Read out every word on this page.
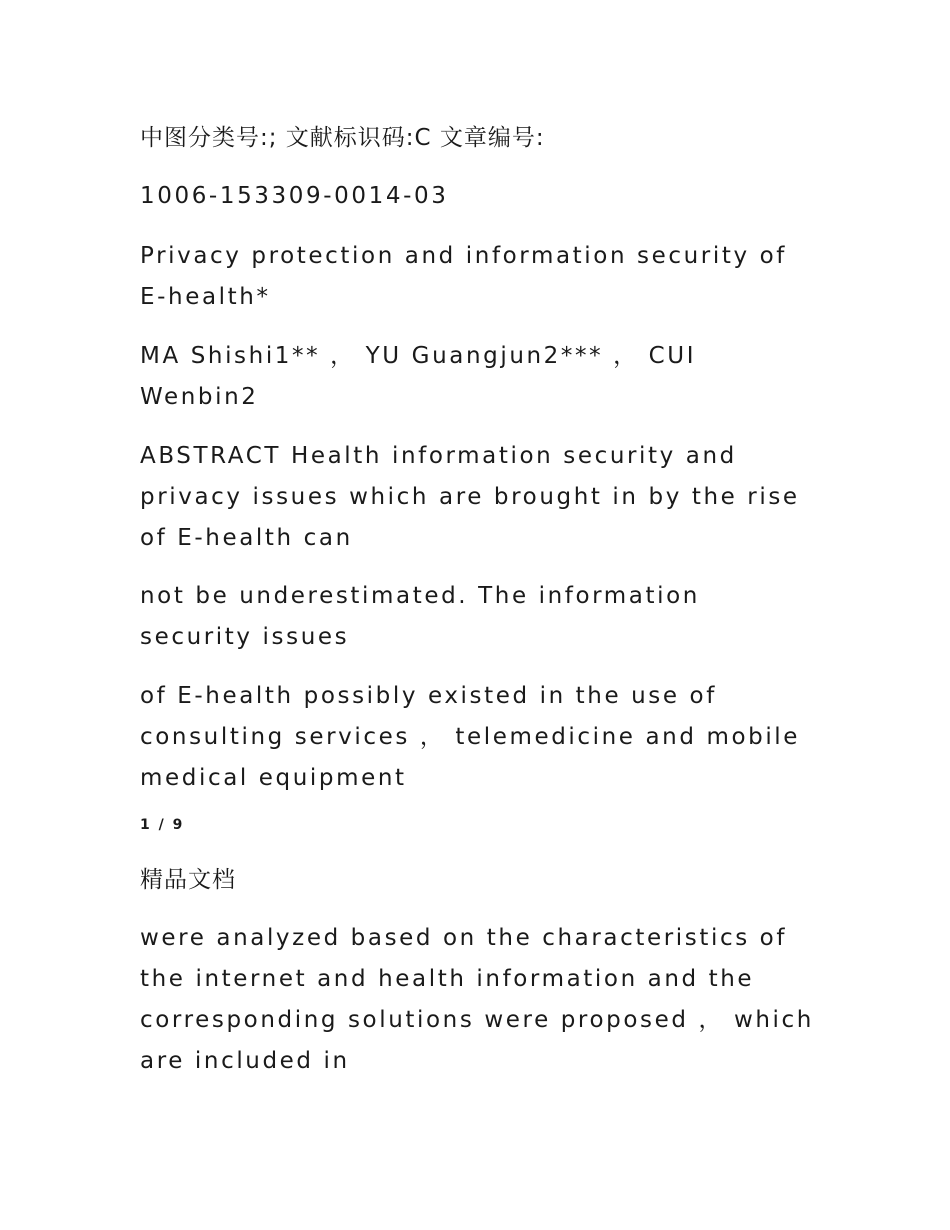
中图分类号:; 文献标识码:C 文章编号:

1006-153309-0014-03

Privacy protection and information security of E-health*

MA Shishi1** ， YU Guangjun2*** ， CUI Wenbin2

ABSTRACT Health information security and privacy issues which are brought in by the rise of E-health can

not be underestimated. The information security issues

of E-health possibly existed in the use of consulting services ， telemedicine and mobile medical equipment

1 / 9

精品文档

were analyzed based on the characteristics of the internet and health information and the corresponding solutions were proposed ， which are included in
